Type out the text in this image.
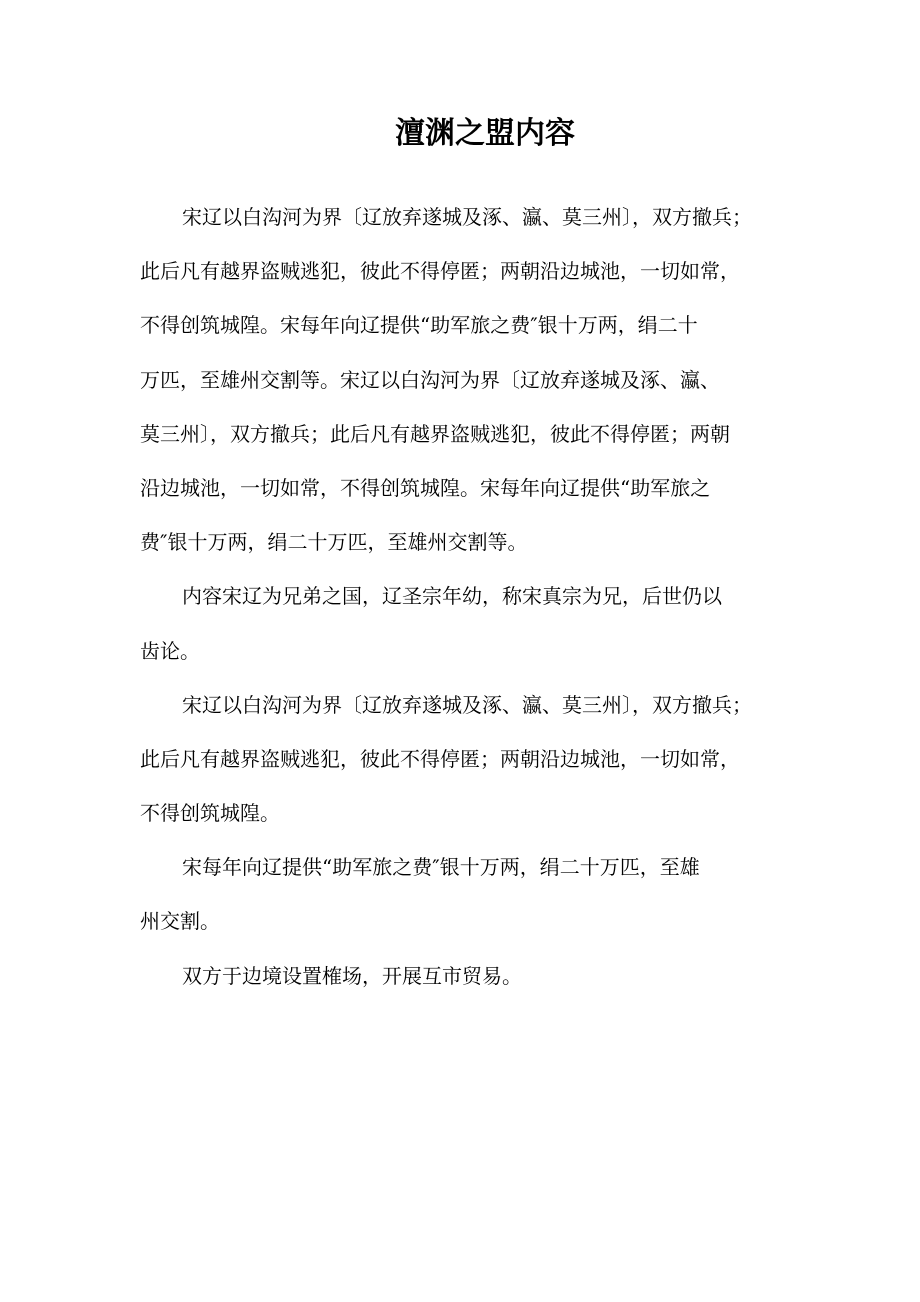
澶渊之盟内容
宋辽以白沟河为界〔辽放弃遂城及涿、瀛、莫三州〕，双方撤兵；
此后凡有越界盗贼逃犯，彼此不得停匿；两朝沿边城池，一切如常，
不得创筑城隍。宋每年向辽提供“助军旅之费″银十万两，绢二十
万匹，至雄州交割等。宋辽以白沟河为界〔辽放弃遂城及涿、瀛、
莫三州〕，双方撤兵；此后凡有越界盗贼逃犯，彼此不得停匿；两朝
沿边城池，一切如常，不得创筑城隍。宋每年向辽提供“助军旅之
费″银十万两，绢二十万匹，至雄州交割等。
内容宋辽为兄弟之国，辽圣宗年幼，称宋真宗为兄，后世仍以
齿论。
宋辽以白沟河为界〔辽放弃遂城及涿、瀛、莫三州〕，双方撤兵；
此后凡有越界盗贼逃犯，彼此不得停匿；两朝沿边城池，一切如常，
不得创筑城隍。
宋每年向辽提供“助军旅之费″银十万两，绢二十万匹，至雄
州交割。
双方于边境设置榷场，开展互市贸易。
